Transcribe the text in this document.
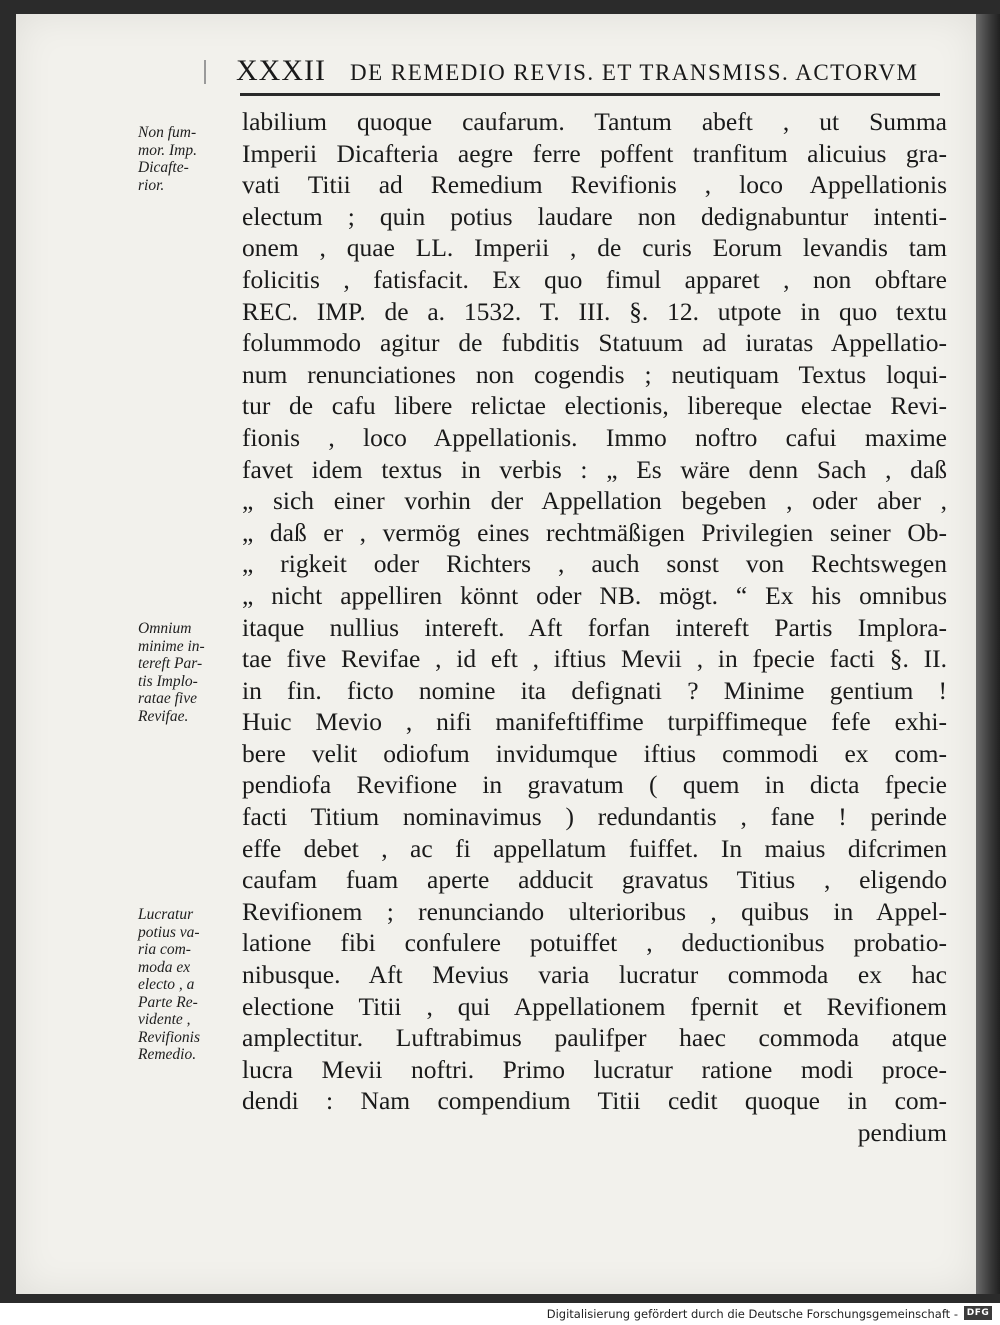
XXXII DE REMEDIO REVIS. ET TRANSMISS. ACTORVM
Non fum-
mor. Imp.
Dicafte-
rior.
Omnium
minime in-
tereft Par-
tis Implo-
ratae five
Revifae.
Lucratur
potius va-
ria com-
moda ex
electo , a
Parte Re-
vidente ,
Revifionis
Remedio.
labilium quoque caufarum. Tantum abeft , ut Summa
Imperii Dicafteria aegre ferre poffent tranfitum alicuius gra-
vati Titii ad Remedium Revifionis , loco Appellationis
electum ; quin potius laudare non dedignabuntur intenti-
onem , quae LL. Imperii , de curis Eorum levandis tam
folicitis , fatisfacit. Ex quo fimul apparet , non obftare
REC. IMP. de a. 1532. T. III. §. 12. utpote in quo textu
folummodo agitur de fubditis Statuum ad iuratas Appellatio-
num renunciationes non cogendis ; neutiquam Textus loqui-
tur de cafu libere relictae electionis, libereque electae Revi-
fionis , loco Appellationis. Immo noftro cafui maxime
favet idem textus in verbis : „ Es wäre denn Sach , daß
„ sich einer vorhin der Appellation begeben , oder aber ,
„ daß er , vermög eines rechtmäßigen Privilegien seiner Ob-
„ rigkeit oder Richters , auch sonst von Rechtswegen
„ nicht appelliren könnt oder NB. mögt. “ Ex his omnibus
itaque nullius intereft. Aft forfan intereft Partis Implora-
tae five Revifae , id eft , iftius Mevii , in fpecie facti §. II.
in fin. ficto nomine ita defignati ? Minime gentium !
Huic Mevio , nifi manifeftiffime turpiffimeque fefe exhi-
bere velit odiofum invidumque iftius commodi ex com-
pendiofa Revifione in gravatum ( quem in dicta fpecie
facti Titium nominavimus ) redundantis , fane ! perinde
effe debet , ac fi appellatum fuiffet. In maius difcrimen
caufam fuam aperte adducit gravatus Titius , eligendo
Revifionem ; renunciando ulterioribus , quibus in Appel-
latione fibi confulere potuiffet , deductionibus probatio-
nibusque. Aft Mevius varia lucratur commoda ex hac
electione Titii , qui Appellationem fpernit et Revifionem
amplectitur. Luftrabimus paulifper haec commoda atque
lucra Mevii noftri. Primo lucratur ratione modi proce-
dendi : Nam compendium Titii cedit quoque in com-
pendium
Digitalisierung gefördert durch die Deutsche Forschungsgemeinschaft - DFG
